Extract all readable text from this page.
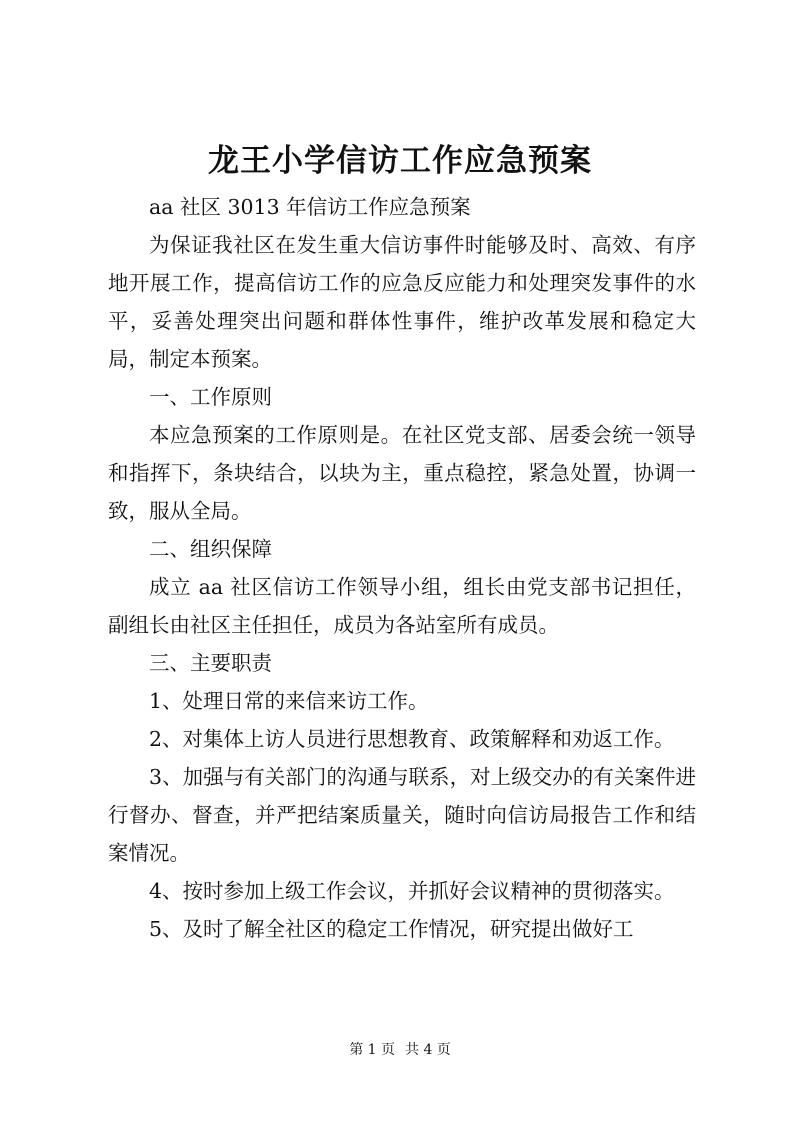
龙王小学信访工作应急预案

aa 社区 3013 年信访工作应急预案

为保证我社区在发生重大信访事件时能够及时、高效、有序地开展工作，提高信访工作的应急反应能力和处理突发事件的水平，妥善处理突出问题和群体性事件，维护改革发展和稳定大局，制定本预案。

一、工作原则

本应急预案的工作原则是。在社区党支部、居委会统一领导和指挥下，条块结合，以块为主，重点稳控，紧急处置，协调一致，服从全局。

二、组织保障

成立 aa 社区信访工作领导小组，组长由党支部书记担任，副组长由社区主任担任，成员为各站室所有成员。

三、主要职责

1、处理日常的来信来访工作。

2、对集体上访人员进行思想教育、政策解释和劝返工作。

3、加强与有关部门的沟通与联系，对上级交办的有关案件进行督办、督查，并严把结案质量关，随时向信访局报告工作和结案情况。

4、按时参加上级工作会议，并抓好会议精神的贯彻落实。

5、及时了解全社区的稳定工作情况，研究提出做好工

第 1 页 共 4 页
